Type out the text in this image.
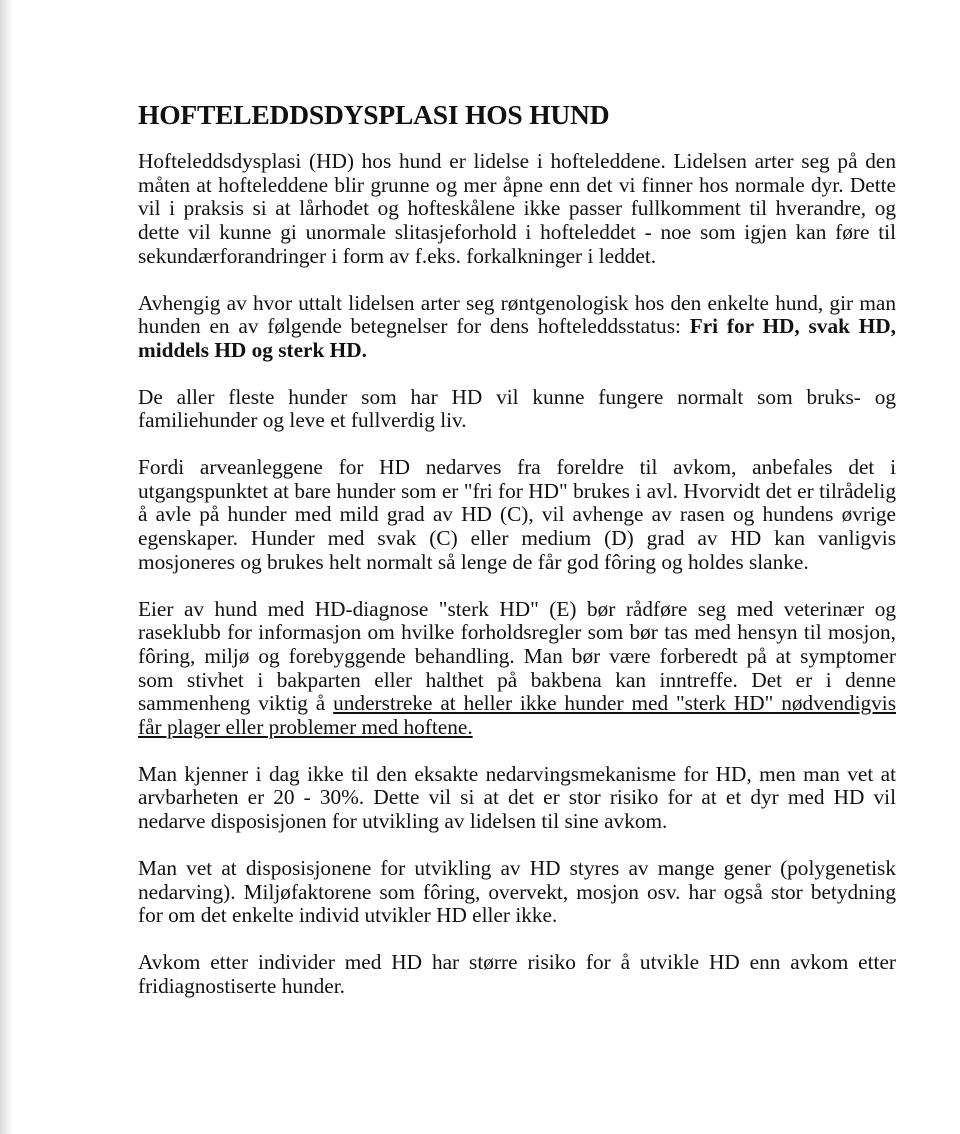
HOFTELEDDSDYSPLASI HOS HUND

Hofteleddsdysplasi (HD) hos hund er lidelse i hofteleddene. Lidelsen arter seg på den måten at hofteleddene blir grunne og mer åpne enn det vi finner hos normale dyr. Dette vil i praksis si at lårhodet og hofteskålene ikke passer fullkomment til hverandre, og dette vil kunne gi unormale slitasjeforhold i hofteleddet - noe som igjen kan føre til sekundærforandringer i form av f.eks. forkalkninger i leddet.

Avhengig av hvor uttalt lidelsen arter seg røntgenologisk hos den enkelte hund, gir man hunden en av følgende betegnelser for dens hofteleddsstatus: Fri for HD, svak HD, middels HD og sterk HD.

De aller fleste hunder som har HD vil kunne fungere normalt som bruks- og familiehunder og leve et fullverdig liv.

Fordi arveanleggene for HD nedarves fra foreldre til avkom, anbefales det i utgangspunktet at bare hunder som er "fri for HD" brukes i avl. Hvorvidt det er tilrådelig å avle på hunder med mild grad av HD (C), vil avhenge av rasen og hundens øvrige egenskaper. Hunder med svak (C) eller medium (D) grad av HD kan vanligvis mosjoneres og brukes helt normalt så lenge de får god fôring og holdes slanke.

Eier av hund med HD-diagnose "sterk HD" (E) bør rådføre seg med veterinær og raseklubb for informasjon om hvilke forholdsregler som bør tas med hensyn til mosjon, fôring, miljø og forebyggende behandling. Man bør være forberedt på at symptomer som stivhet i bakparten eller halthet på bakbena kan inntreffe. Det er i denne sammenheng viktig å understreke at heller ikke hunder med "sterk HD" nødvendigvis får plager eller problemer med hoftene.

Man kjenner i dag ikke til den eksakte nedarvingsmekanisme for HD, men man vet at arvbarheten er 20 - 30%. Dette vil si at det er stor risiko for at et dyr med HD vil nedarve disposisjonen for utvikling av lidelsen til sine avkom.

Man vet at disposisjonene for utvikling av HD styres av mange gener (polygenetisk nedarving). Miljøfaktorene som fôring, overvekt, mosjon osv. har også stor betydning for om det enkelte individ utvikler HD eller ikke.

Avkom etter individer med HD har større risiko for å utvikle HD enn avkom etter fridiagnostiserte hunder.
